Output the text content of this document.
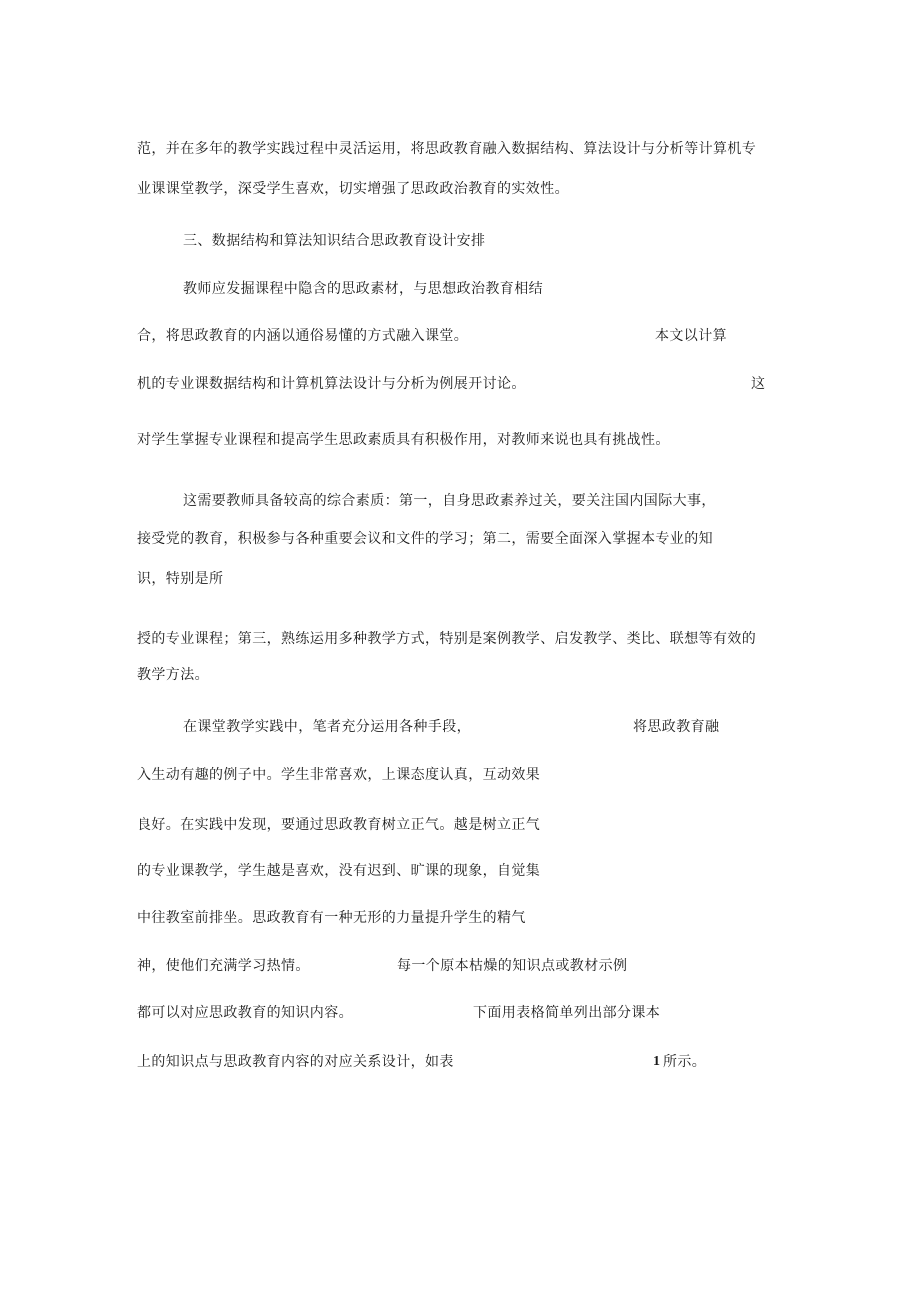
范，并在多年的教学实践过程中灵活运用，将思政教育融入数据结构、算法设计与分析等计算机专

业课课堂教学，深受学生喜欢，切实增强了思政政治教育的实效性。

三、数据结构和算法知识结合思政教育设计安排

教师应发掘课程中隐含的思政素材，与思想政治教育相结

合，将思政教育的内涵以通俗易懂的方式融入课堂。	本文以计算

机的专业课数据结构和计算机算法设计与分析为例展开讨论。	这

对学生掌握专业课程和提高学生思政素质具有积极作用，对教师来说也具有挑战性。

这需要教师具备较高的综合素质：第一，自身思政素养过关，要关注国内国际大事，

接受党的教育，积极参与各种重要会议和文件的学习；第二，需要全面深入掌握本专业的知

识，特别是所

授的专业课程；第三，熟练运用多种教学方式，特别是案例教学、启发教学、类比、联想等有效的

教学方法。

在课堂教学实践中，笔者充分运用各种手段，	将思政教育融

入生动有趣的例子中。学生非常喜欢，上课态度认真，互动效果

良好。在实践中发现，要通过思政教育树立正气。越是树立正气

的专业课教学，学生越是喜欢，没有迟到、旷课的现象，自觉集

中往教室前排坐。思政教育有一种无形的力量提升学生的精气

神，使他们充满学习热情。	每一个原本枯燥的知识点或教材示例

都可以对应思政教育的知识内容。	下面用表格简单列出部分课本

上的知识点与思政教育内容的对应关系设计，如表	1 所示。
